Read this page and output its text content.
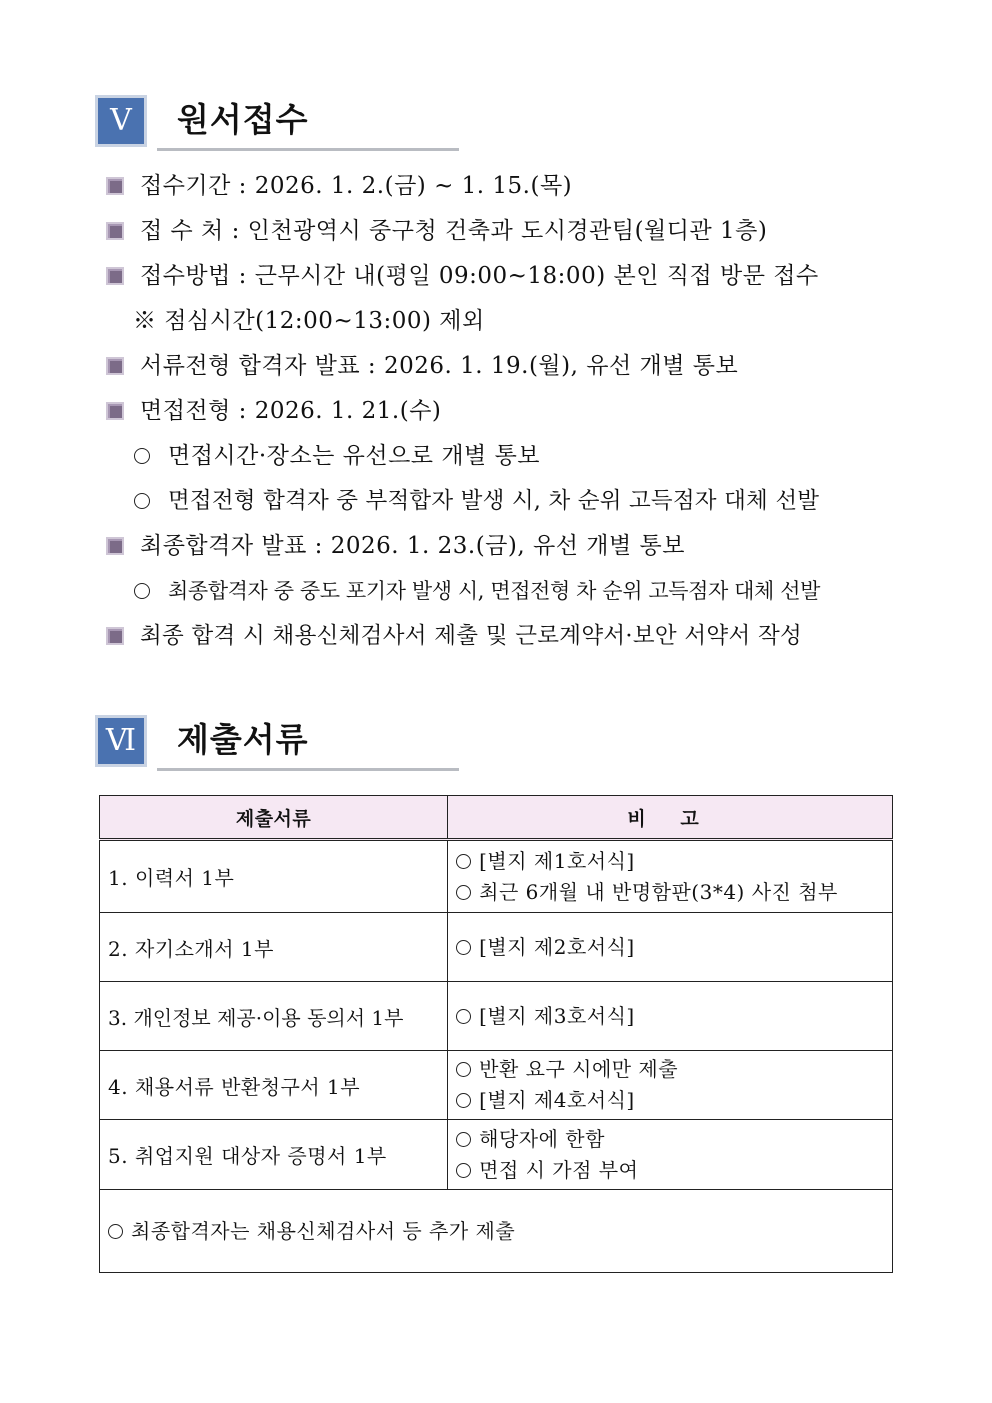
Ⅴ	원서접수
접수기간 : 2026. 1. 2.(금) ~ 1. 15.(목)
접 수 처 : 인천광역시 중구청 건축과 도시경관팀(월디관 1층)
접수방법 : 근무시간 내(평일 09:00~18:00) 본인 직접 방문 접수
※ 점심시간(12:00~13:00) 제외
서류전형 합격자 발표 : 2026. 1. 19.(월), 유선 개별 통보
면접전형 : 2026. 1. 21.(수)
면접시간·장소는 유선으로 개별 통보
면접전형 합격자 중 부적합자 발생 시, 차 순위 고득점자 대체 선발
최종합격자 발표 : 2026. 1. 23.(금), 유선 개별 통보
최종합격자 중 중도 포기자 발생 시, 면접전형 차 순위 고득점자 대체 선발
최종 합격 시 채용신체검사서 제출 및 근로계약서·보안 서약서 작성
Ⅵ	제출서류
제출서류	비 고
1. 이력서 1부	[별지 제1호서식]
최근 6개월 내 반명함판(3*4) 사진 첨부

2. 자기소개서 1부	[별지 제2호서식]

3. 개인정보 제공·이용 동의서 1부	[별지 제3호서식]

4. 채용서류 반환청구서 1부	반환 요구 시에만 제출
[별지 제4호서식]

5. 취업지원 대상자 증명서 1부	해당자에 한함
면접 시 가점 부여

최종합격자는 채용신체검사서 등 추가 제출	
